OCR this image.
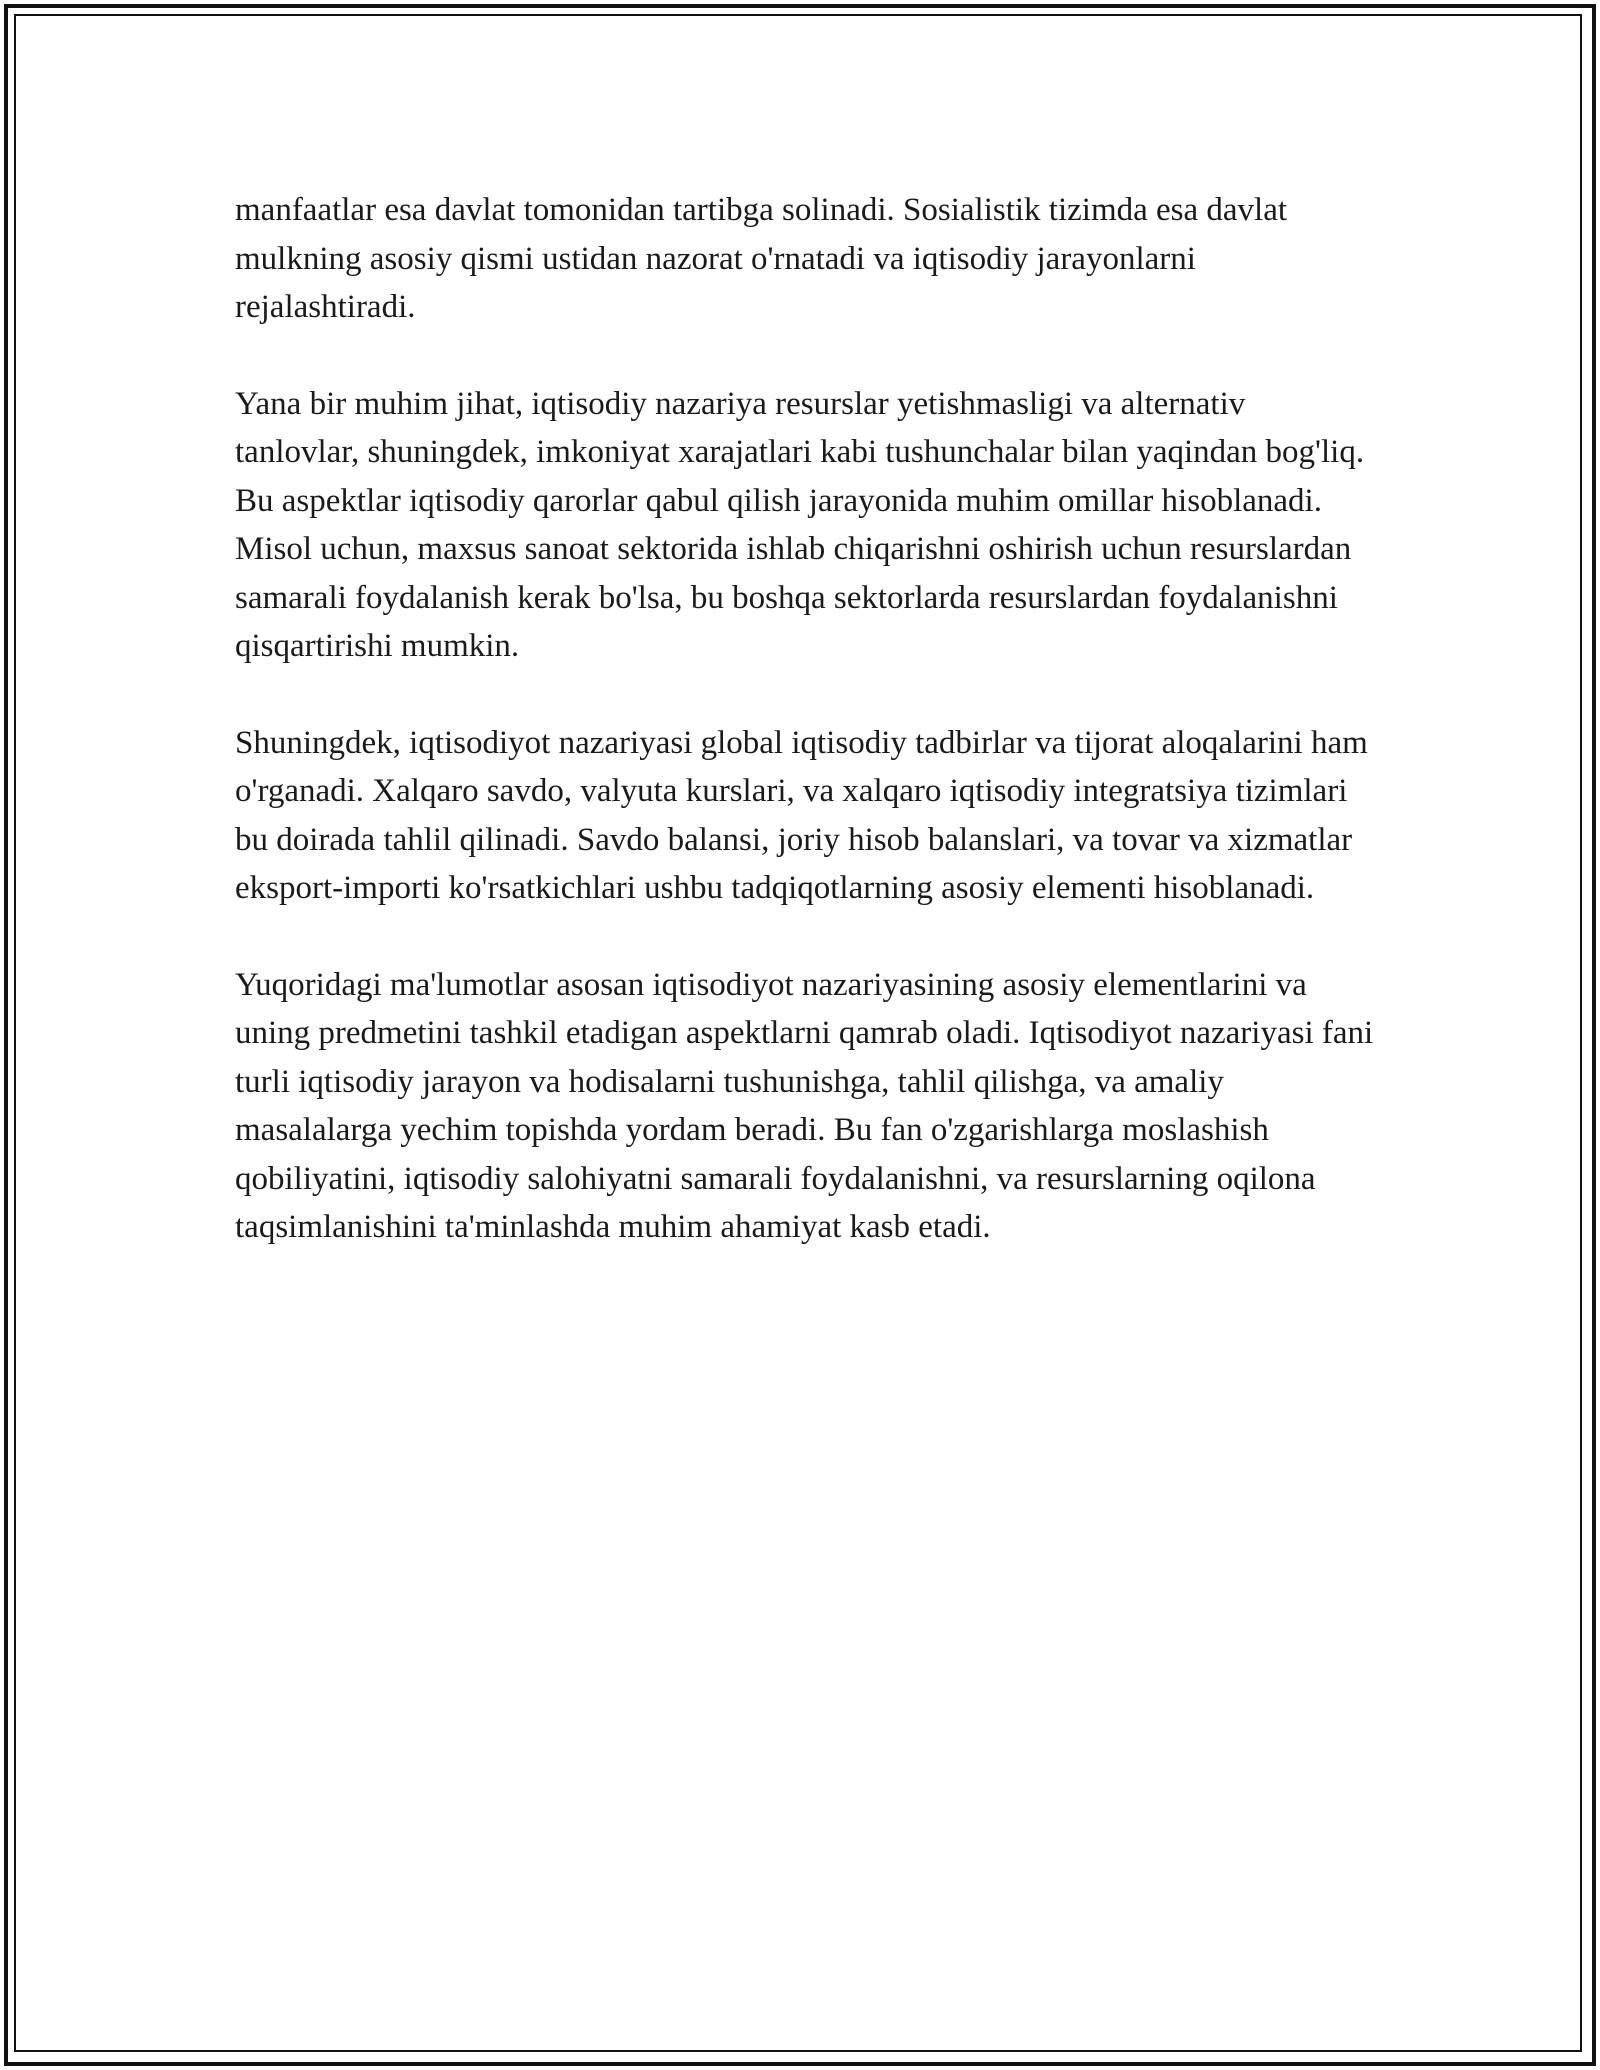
manfaatlar esa davlat tomonidan tartibga solinadi. Sosialistik tizimda esa davlat mulkning asosiy qismi ustidan nazorat o'rnatadi va iqtisodiy jarayonlarni rejalashtiradi.

Yana bir muhim jihat, iqtisodiy nazariya resurslar yetishmasligi va alternativ tanlovlar, shuningdek, imkoniyat xarajatlari kabi tushunchalar bilan yaqindan bog'liq. Bu aspektlar iqtisodiy qarorlar qabul qilish jarayonida muhim omillar hisoblanadi. Misol uchun, maxsus sanoat sektorida ishlab chiqarishni oshirish uchun resurslardan samarali foydalanish kerak bo'lsa, bu boshqa sektorlarda resurslardan foydalanishni qisqartirishi mumkin.

Shuningdek, iqtisodiyot nazariyasi global iqtisodiy tadbirlar va tijorat aloqalarini ham o'rganadi. Xalqaro savdo, valyuta kurslari, va xalqaro iqtisodiy integratsiya tizimlari bu doirada tahlil qilinadi. Savdo balansi, joriy hisob balanslari, va tovar va xizmatlar eksport-importi ko'rsatkichlari ushbu tadqiqotlarning asosiy elementi hisoblanadi.

Yuqoridagi ma'lumotlar asosan iqtisodiyot nazariyasining asosiy elementlarini va uning predmetini tashkil etadigan aspektlarni qamrab oladi. Iqtisodiyot nazariyasi fani turli iqtisodiy jarayon va hodisalarni tushunishga, tahlil qilishga, va amaliy masalalarga yechim topishda yordam beradi. Bu fan o'zgarishlarga moslashish qobiliyatini, iqtisodiy salohiyatni samarali foydalanishni, va resurslarning oqilona taqsimlanishini ta'minlashda muhim ahamiyat kasb etadi.
